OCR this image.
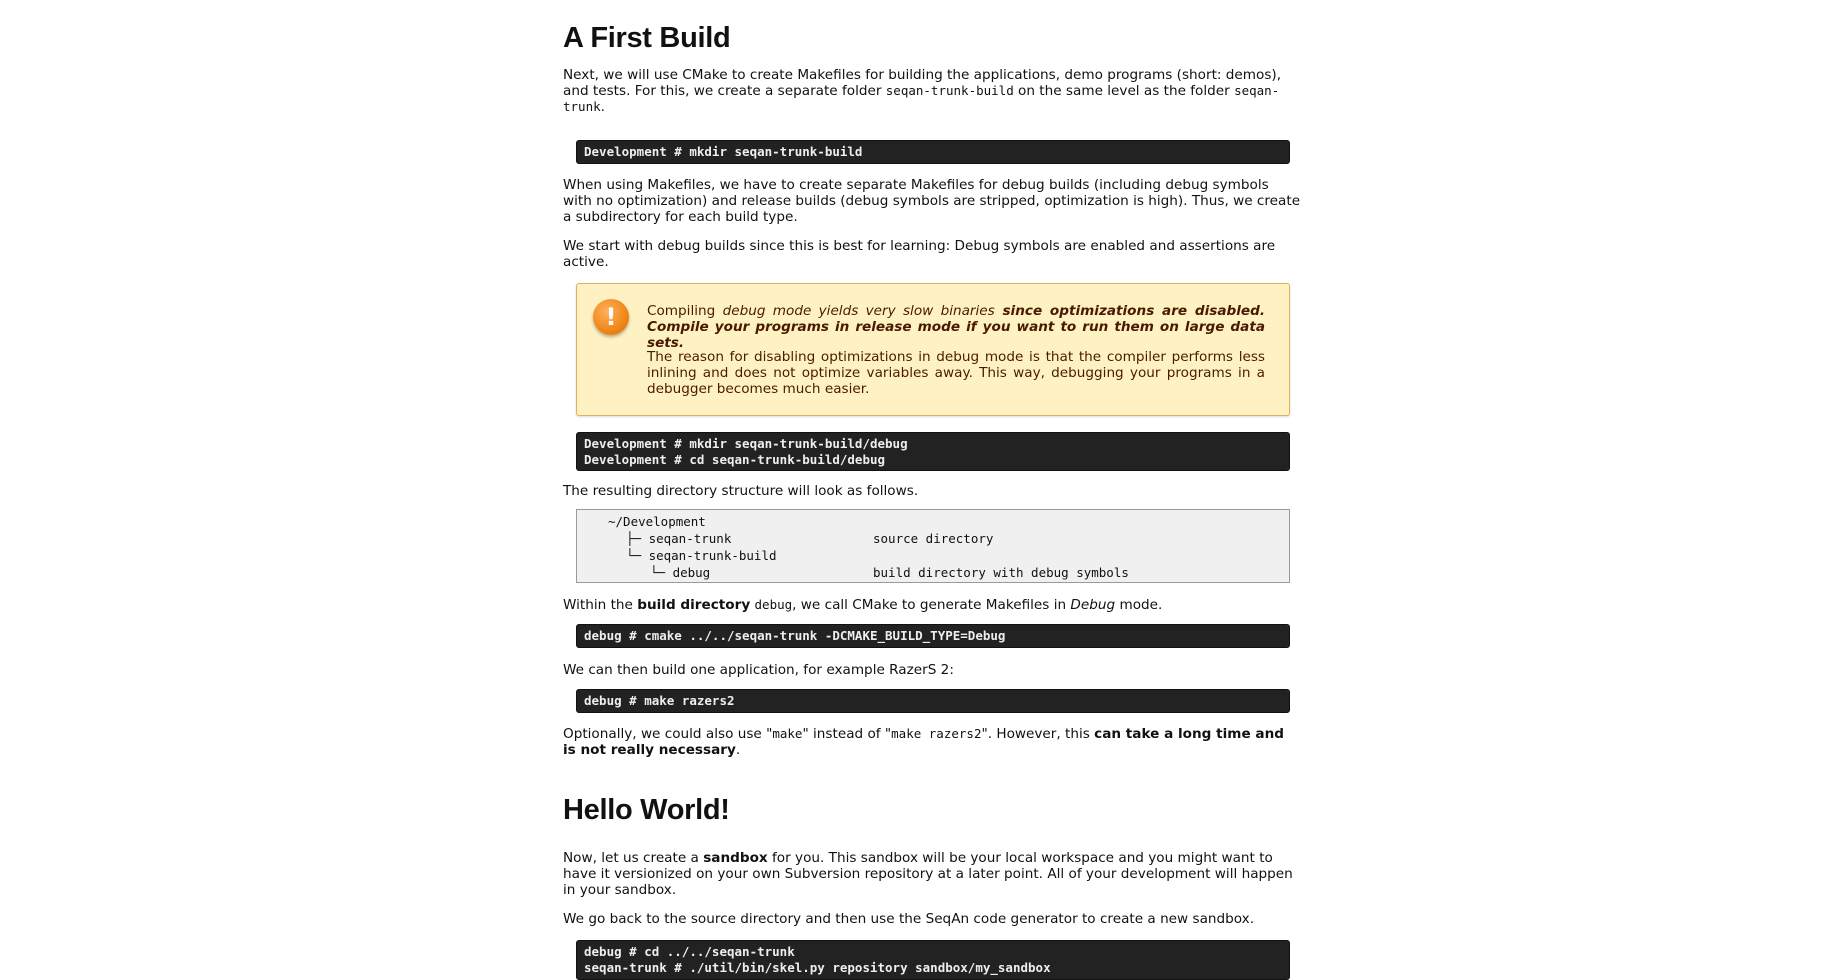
A First Build

Next, we will use CMake to create Makefiles for building the applications, demo programs (short: demos), and tests. For this, we create a separate folder seqan-trunk-build on the same level as the folder seqan-trunk.

Development # mkdir seqan-trunk-build

When using Makefiles, we have to create separate Makefiles for debug builds (including debug symbols with no optimization) and release builds (debug symbols are stripped, optimization is high). Thus, we create a subdirectory for each build type.

We start with debug builds since this is best for learning: Debug symbols are enabled and assertions are active.

!	Compiling debug mode yields very slow binaries since optimizations are disabled. Compile your programs in release mode if you want to run them on large data sets.

The reason for disabling optimizations in debug mode is that the compiler performs less inlining and does not optimize variables away. This way, debugging your programs in a debugger becomes much easier.

Development # mkdir seqan-trunk-build/debug
Development # cd seqan-trunk-build/debug

The resulting directory structure will look as follows.

~/Development

├─ seqan-trunk

	source directory

└─ seqan-trunk-build

└─ debug

	build directory with debug symbols

Within the build directory debug, we call CMake to generate Makefiles in Debug mode.

debug # cmake ../../seqan-trunk -DCMAKE_BUILD_TYPE=Debug

We can then build one application, for example RazerS 2:

debug # make razers2

Optionally, we could also use "make" instead of "make razers2". However, this can take a long time and is not really necessary.

Hello World!

Now, let us create a sandbox for you. This sandbox will be your local workspace and you might want to have it versionized on your own Subversion repository at a later point. All of your development will happen in your sandbox.

We go back to the source directory and then use the SeqAn code generator to create a new sandbox.

debug # cd ../../seqan-trunk
seqan-trunk # ./util/bin/skel.py repository sandbox/my_sandbox
